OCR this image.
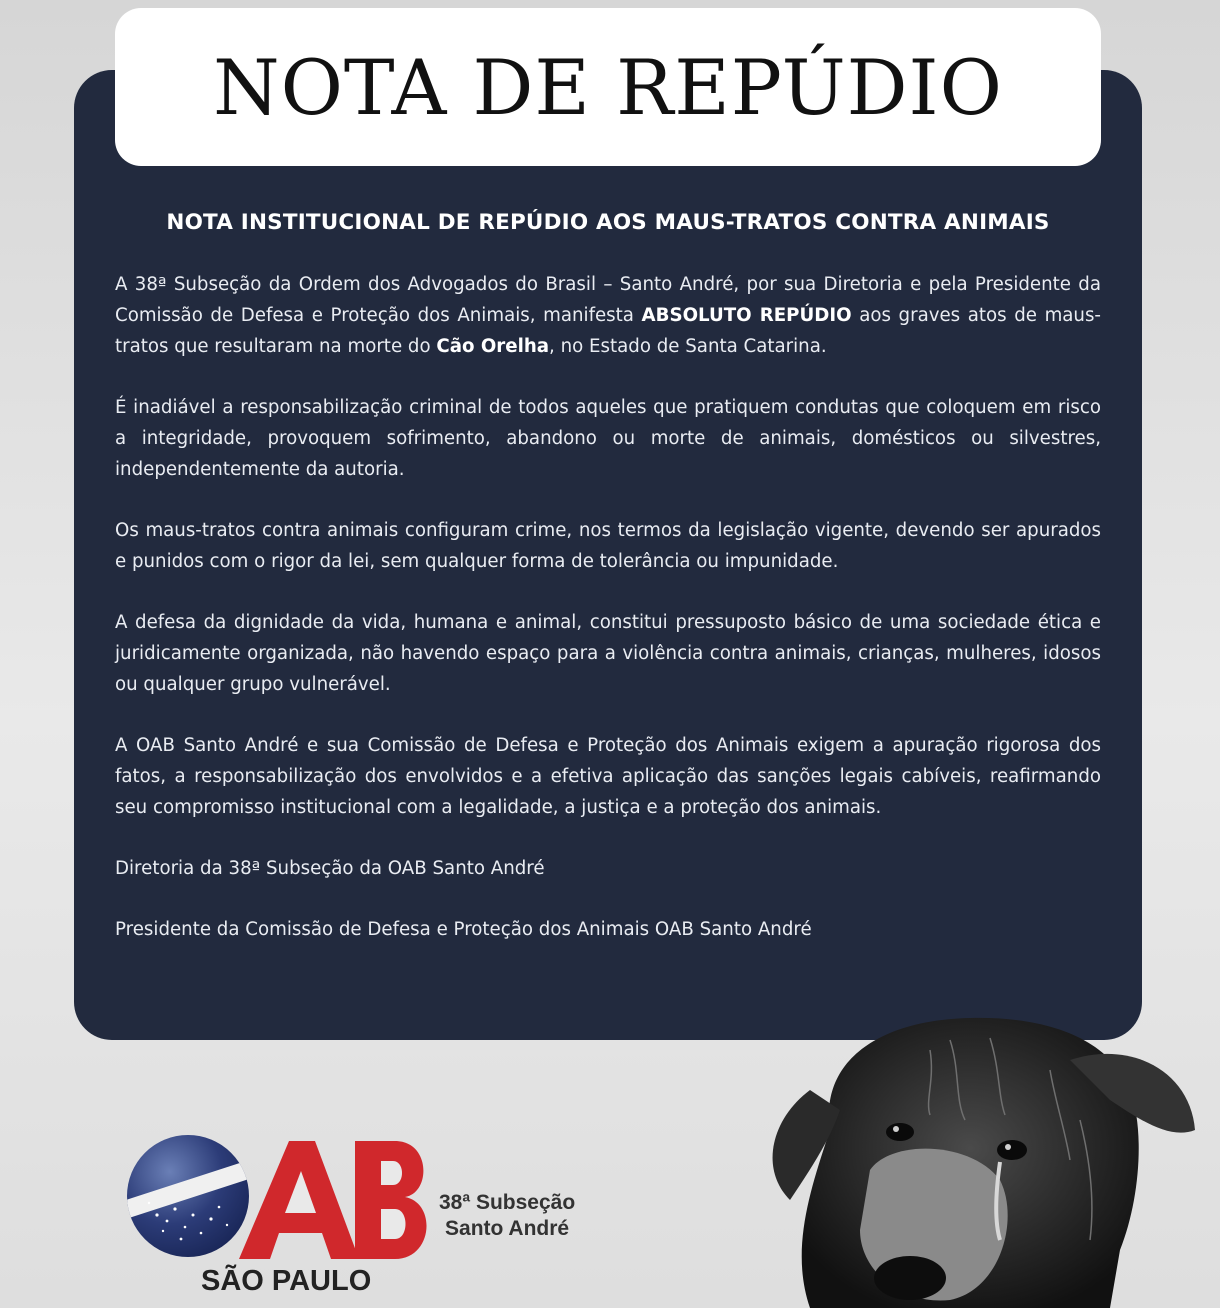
NOTA DE REPÚDIO
NOTA INSTITUCIONAL DE REPÚDIO AOS MAUS-TRATOS CONTRA ANIMAIS

A 38ª Subseção da Ordem dos Advogados do Brasil – Santo André, por sua Diretoria e pela Presidente da Comissão de Defesa e Proteção dos Animais, manifesta ABSOLUTO REPÚDIO aos graves atos de maus-tratos que resultaram na morte do Cão Orelha, no Estado de Santa Catarina.

É inadiável a responsabilização criminal de todos aqueles que pratiquem condutas que coloquem em risco a integridade, provoquem sofrimento, abandono ou morte de animais, domésticos ou silvestres, independentemente da autoria.

Os maus-tratos contra animais configuram crime, nos termos da legislação vigente, devendo ser apurados e punidos com o rigor da lei, sem qualquer forma de tolerância ou impunidade.

A defesa da dignidade da vida, humana e animal, constitui pressuposto básico de uma sociedade ética e juridicamente organizada, não havendo espaço para a violência contra animais, crianças, mulheres, idosos ou qualquer grupo vulnerável.

A OAB Santo André e sua Comissão de Defesa e Proteção dos Animais exigem a apuração rigorosa dos fatos, a responsabilização dos envolvidos e a efetiva aplicação das sanções legais cabíveis, reafirmando seu compromisso institucional com a legalidade, a justiça e a proteção dos animais.

Diretoria da 38ª Subseção da OAB Santo André

Presidente da Comissão de Defesa e Proteção dos Animais OAB Santo André

38ª Subseção
Santo André
SÃO PAULO
